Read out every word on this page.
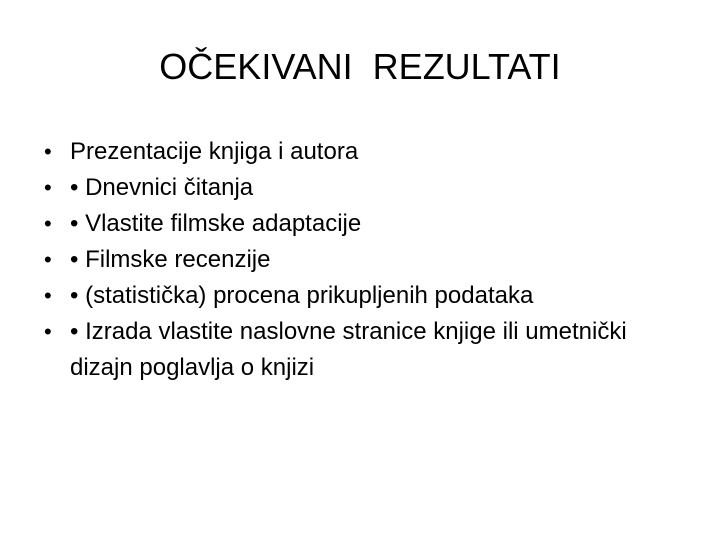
OČEKIVANI  REZULTATI
• Prezentacije knjiga i autora
• • Dnevnici čitanja
• • Vlastite filmske adaptacije
• • Filmske recenzije
• • (statistička) procena prikupljenih podataka
• • Izrada vlastite naslovne stranice knjige ili umetnički dizajn poglavlja o knjizi
